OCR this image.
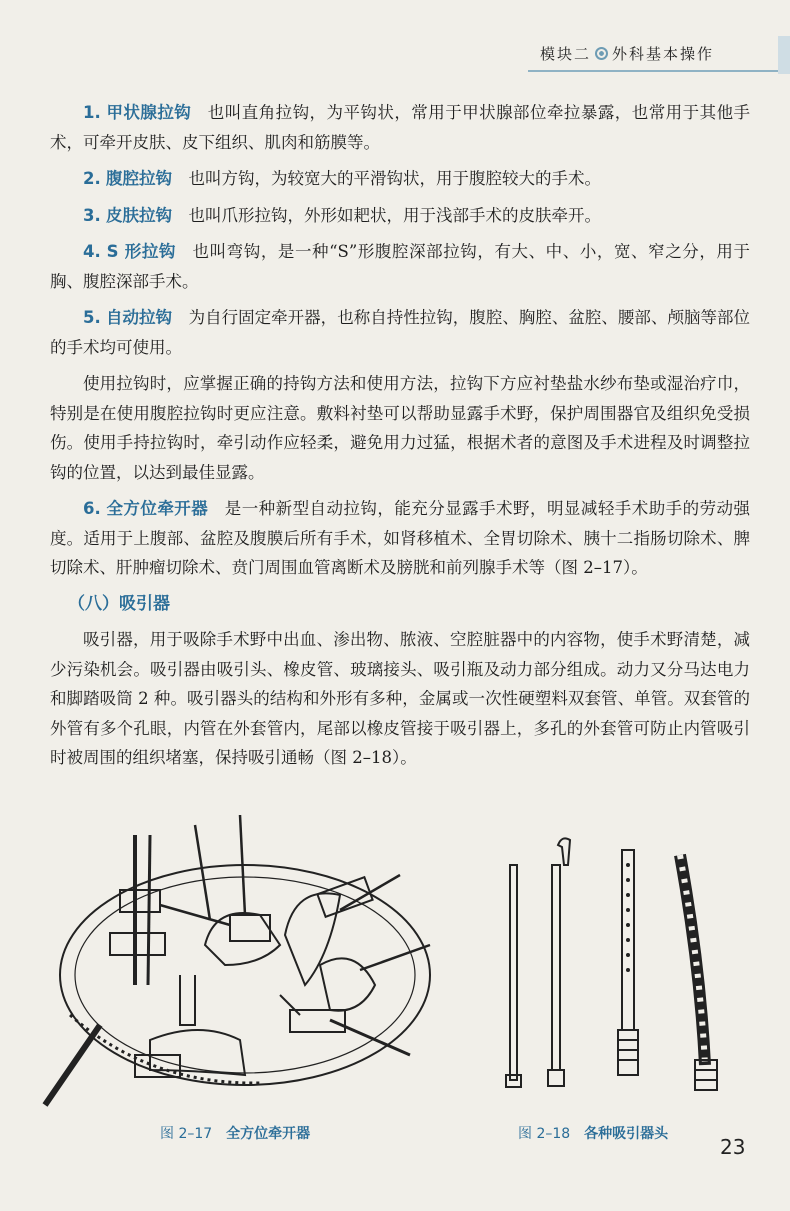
模块二 外科基本操作

1. 甲状腺拉钩 也叫直角拉钩，为平钩状，常用于甲状腺部位牵拉暴露，也常用于其他手术，可牵开皮肤、皮下组织、肌肉和筋膜等。

2. 腹腔拉钩 也叫方钩，为较宽大的平滑钩状，用于腹腔较大的手术。

3. 皮肤拉钩 也叫爪形拉钩，外形如耙状，用于浅部手术的皮肤牵开。

4. S 形拉钩 也叫弯钩，是一种“S”形腹腔深部拉钩，有大、中、小，宽、窄之分，用于胸、腹腔深部手术。

5. 自动拉钩 为自行固定牵开器，也称自持性拉钩，腹腔、胸腔、盆腔、腰部、颅脑等部位的手术均可使用。

使用拉钩时，应掌握正确的持钩方法和使用方法，拉钩下方应衬垫盐水纱布垫或湿治疗巾，特别是在使用腹腔拉钩时更应注意。敷料衬垫可以帮助显露手术野，保护周围器官及组织免受损伤。使用手持拉钩时，牵引动作应轻柔，避免用力过猛，根据术者的意图及手术进程及时调整拉钩的位置，以达到最佳显露。

6. 全方位牵开器 是一种新型自动拉钩，能充分显露手术野，明显减轻手术助手的劳动强度。适用于上腹部、盆腔及腹膜后所有手术，如肾移植术、全胃切除术、胰十二指肠切除术、脾切除术、肝肿瘤切除术、贲门周围血管离断术及膀胱和前列腺手术等（图 2–17）。

（八）吸引器

吸引器，用于吸除手术野中出血、渗出物、脓液、空腔脏器中的内容物，使手术野清楚，减少污染机会。吸引器由吸引头、橡皮管、玻璃接头、吸引瓶及动力部分组成。动力又分马达电力和脚踏吸筒 2 种。吸引器头的结构和外形有多种，金属或一次性硬塑料双套管、单管。双套管的外管有多个孔眼，内管在外套管内，尾部以橡皮管接于吸引器上，多孔的外套管可防止内管吸引时被周围的组织堵塞，保持吸引通畅（图 2–18）。

图 2–17 全方位牵开器	图 2–18 各种吸引器头
23
